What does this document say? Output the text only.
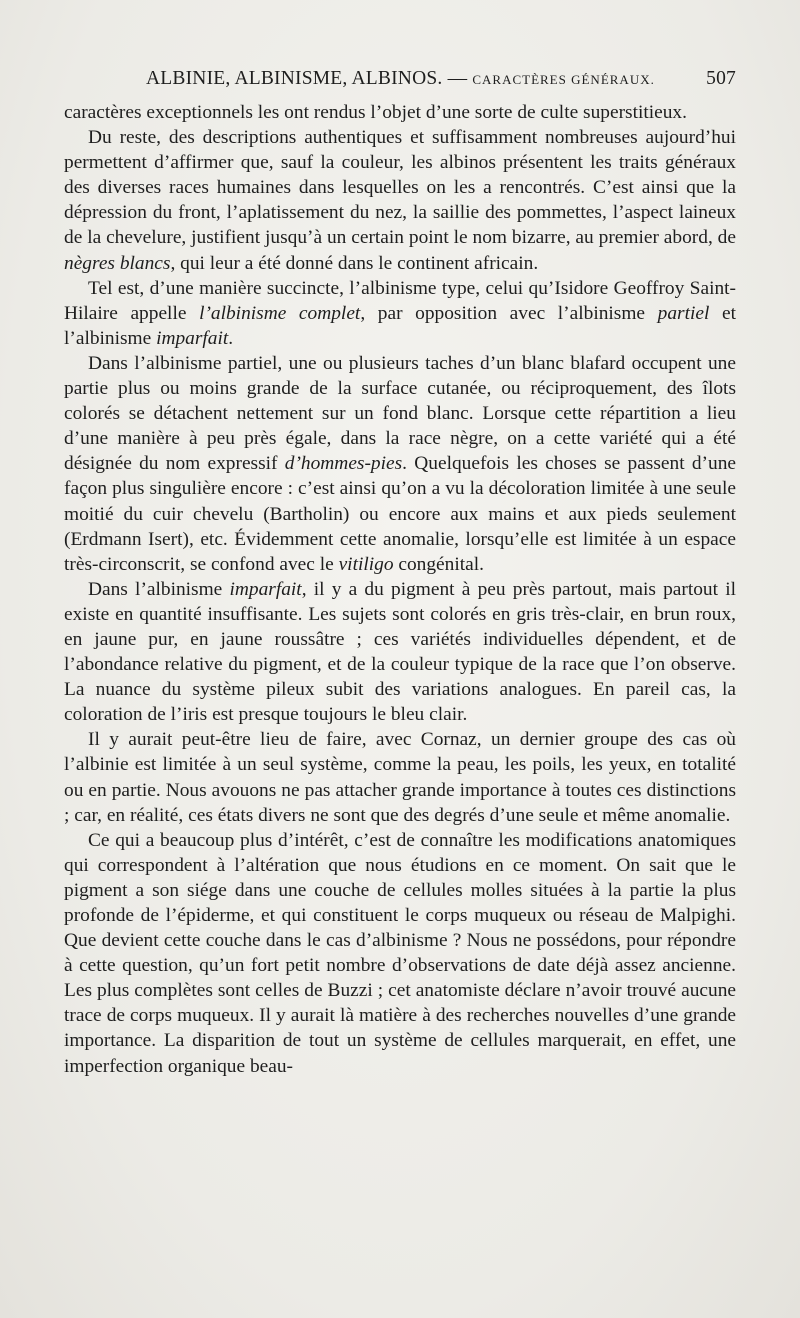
ALBINIE, ALBINISME, ALBINOS. — CARACTÈRES GÉNÉRAUX.	507

caractères exceptionnels les ont rendus l’objet d’une sorte de culte superstitieux.

Du reste, des descriptions authentiques et suffisamment nombreuses aujourd’hui permettent d’affirmer que, sauf la couleur, les albinos présentent les traits généraux des diverses races humaines dans lesquelles on les a rencontrés. C’est ainsi que la dépression du front, l’aplatissement du nez, la saillie des pommettes, l’aspect laineux de la chevelure, justifient jusqu’à un certain point le nom bizarre, au premier abord, de nègres blancs, qui leur a été donné dans le continent africain.

Tel est, d’une manière succincte, l’albinisme type, celui qu’Isidore Geoffroy Saint-Hilaire appelle l’albinisme complet, par opposition avec l’albinisme partiel et l’albinisme imparfait.

Dans l’albinisme partiel, une ou plusieurs taches d’un blanc blafard occupent une partie plus ou moins grande de la surface cutanée, ou réciproquement, des îlots colorés se détachent nettement sur un fond blanc. Lorsque cette répartition a lieu d’une manière à peu près égale, dans la race nègre, on a cette variété qui a été désignée du nom expressif d’hommes-pies. Quelquefois les choses se passent d’une façon plus singulière encore : c’est ainsi qu’on a vu la décoloration limitée à une seule moitié du cuir chevelu (Bartholin) ou encore aux mains et aux pieds seulement (Erdmann Isert), etc. Évidemment cette anomalie, lorsqu’elle est limitée à un espace très-circonscrit, se confond avec le vitiligo congénital.

Dans l’albinisme imparfait, il y a du pigment à peu près partout, mais partout il existe en quantité insuffisante. Les sujets sont colorés en gris très-clair, en brun roux, en jaune pur, en jaune roussâtre ; ces variétés individuelles dépendent, et de l’abondance relative du pigment, et de la couleur typique de la race que l’on observe. La nuance du système pileux subit des variations analogues. En pareil cas, la coloration de l’iris est presque toujours le bleu clair.

Il y aurait peut-être lieu de faire, avec Cornaz, un dernier groupe des cas où l’albinie est limitée à un seul système, comme la peau, les poils, les yeux, en totalité ou en partie. Nous avouons ne pas attacher grande importance à toutes ces distinctions ; car, en réalité, ces états divers ne sont que des degrés d’une seule et même anomalie.

Ce qui a beaucoup plus d’intérêt, c’est de connaître les modifications anatomiques qui correspondent à l’altération que nous étudions en ce moment. On sait que le pigment a son siége dans une couche de cellules molles situées à la partie la plus profonde de l’épiderme, et qui constituent le corps muqueux ou réseau de Malpighi. Que devient cette couche dans le cas d’albinisme ? Nous ne possédons, pour répondre à cette question, qu’un fort petit nombre d’observations de date déjà assez ancienne. Les plus complètes sont celles de Buzzi ; cet anatomiste déclare n’avoir trouvé aucune trace de corps muqueux. Il y aurait là matière à des recherches nouvelles d’une grande importance. La disparition de tout un système de cellules marquerait, en effet, une imperfection organique beau-
